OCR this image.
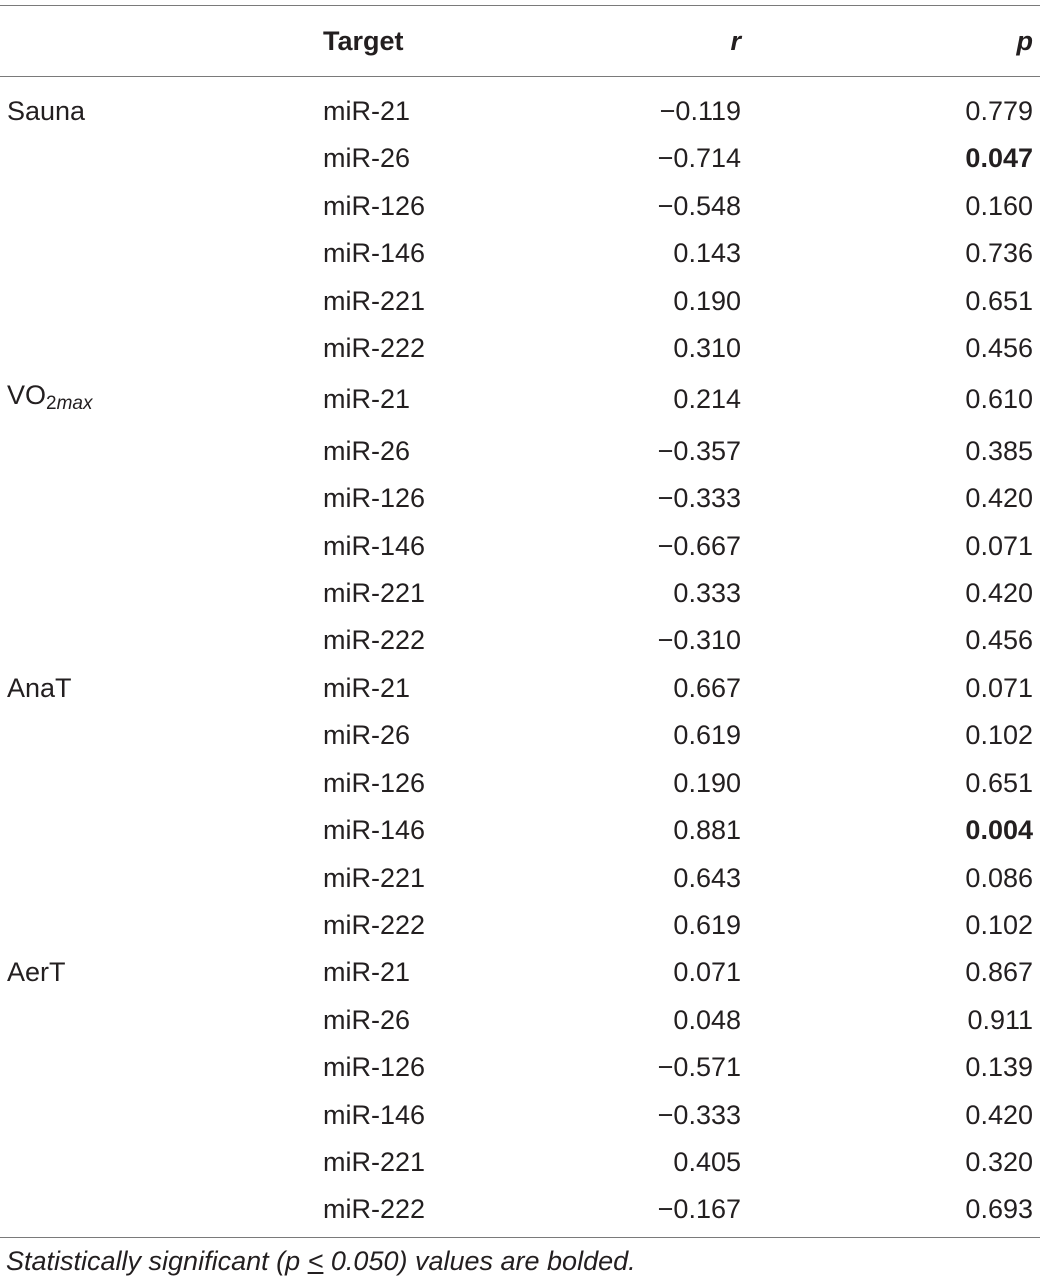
	Target	r	p

Sauna	miR-21	−0.119	0.779
	miR-26	−0.714	0.047
	miR-126	−0.548	0.160
	miR-146	0.143	0.736
	miR-221	0.190	0.651
	miR-222	0.310	0.456
$VO_{2max}$	miR-21	0.214	0.610
	miR-26	−0.357	0.385
	miR-126	−0.333	0.420
	miR-146	−0.667	0.071
	miR-221	0.333	0.420
	miR-222	−0.310	0.456
AnaT	miR-21	0.667	0.071
	miR-26	0.619	0.102
	miR-126	0.190	0.651
	miR-146	0.881	0.004
	miR-221	0.643	0.086
	miR-222	0.619	0.102
AerT	miR-21	0.071	0.867
	miR-26	0.048	0.911
	miR-126	−0.571	0.139
	miR-146	−0.333	0.420
	miR-221	0.405	0.320
	miR-222	−0.167	0.693
Statistically significant (p < 0.050) values are bolded.
